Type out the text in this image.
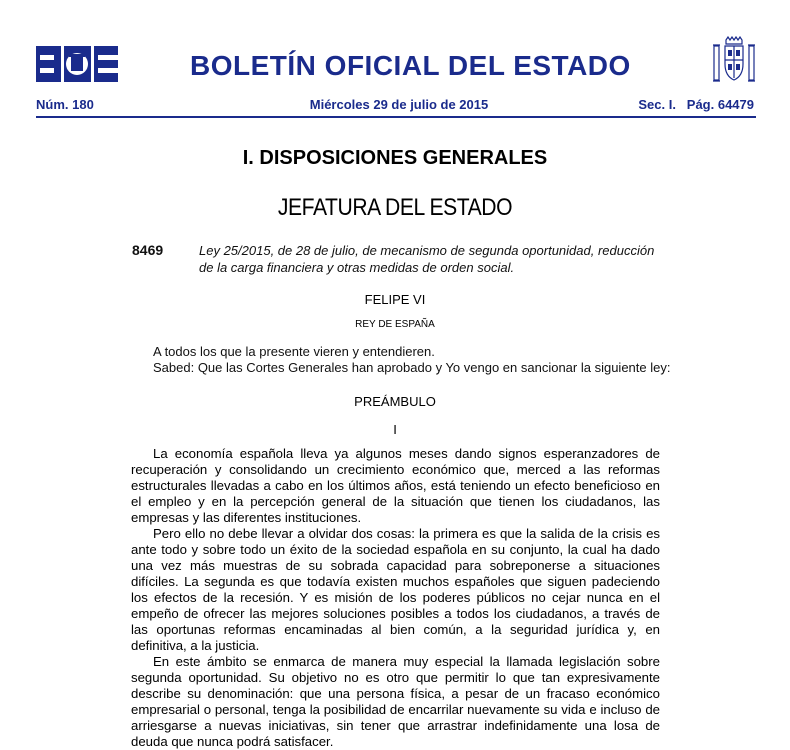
BOLETÍN OFICIAL DEL ESTADO
Núm. 180	Miércoles 29 de julio de 2015	Sec. I.   Pág. 64479
I. DISPOSICIONES GENERALES
JEFATURA DEL ESTADO
8469	Ley 25/2015, de 28 de julio, de mecanismo de segunda oportunidad, reducción de la carga financiera y otras medidas de orden social.
FELIPE VI
REY DE ESPAÑA
A todos los que la presente vieren y entendieren.
Sabed: Que las Cortes Generales han aprobado y Yo vengo en sancionar la siguiente ley:
PREÁMBULO
I

La economía española lleva ya algunos meses dando signos esperanzadores de recuperación y consolidando un crecimiento económico que, merced a las reformas estructurales llevadas a cabo en los últimos años, está teniendo un efecto beneficioso en el empleo y en la percepción general de la situación que tienen los ciudadanos, las empresas y las diferentes instituciones.

Pero ello no debe llevar a olvidar dos cosas: la primera es que la salida de la crisis es ante todo y sobre todo un éxito de la sociedad española en su conjunto, la cual ha dado una vez más muestras de su sobrada capacidad para sobreponerse a situaciones difíciles. La segunda es que todavía existen muchos españoles que siguen padeciendo los efectos de la recesión. Y es misión de los poderes públicos no cejar nunca en el empeño de ofrecer las mejores soluciones posibles a todos los ciudadanos, a través de las oportunas reformas encaminadas al bien común, a la seguridad jurídica y, en definitiva, a la justicia.

En este ámbito se enmarca de manera muy especial la llamada legislación sobre segunda oportunidad. Su objetivo no es otro que permitir lo que tan expresivamente describe su denominación: que una persona física, a pesar de un fracaso económico empresarial o personal, tenga la posibilidad de encarrilar nuevamente su vida e incluso de arriesgarse a nuevas iniciativas, sin tener que arrastrar indefinidamente una losa de deuda que nunca podrá satisfacer.
